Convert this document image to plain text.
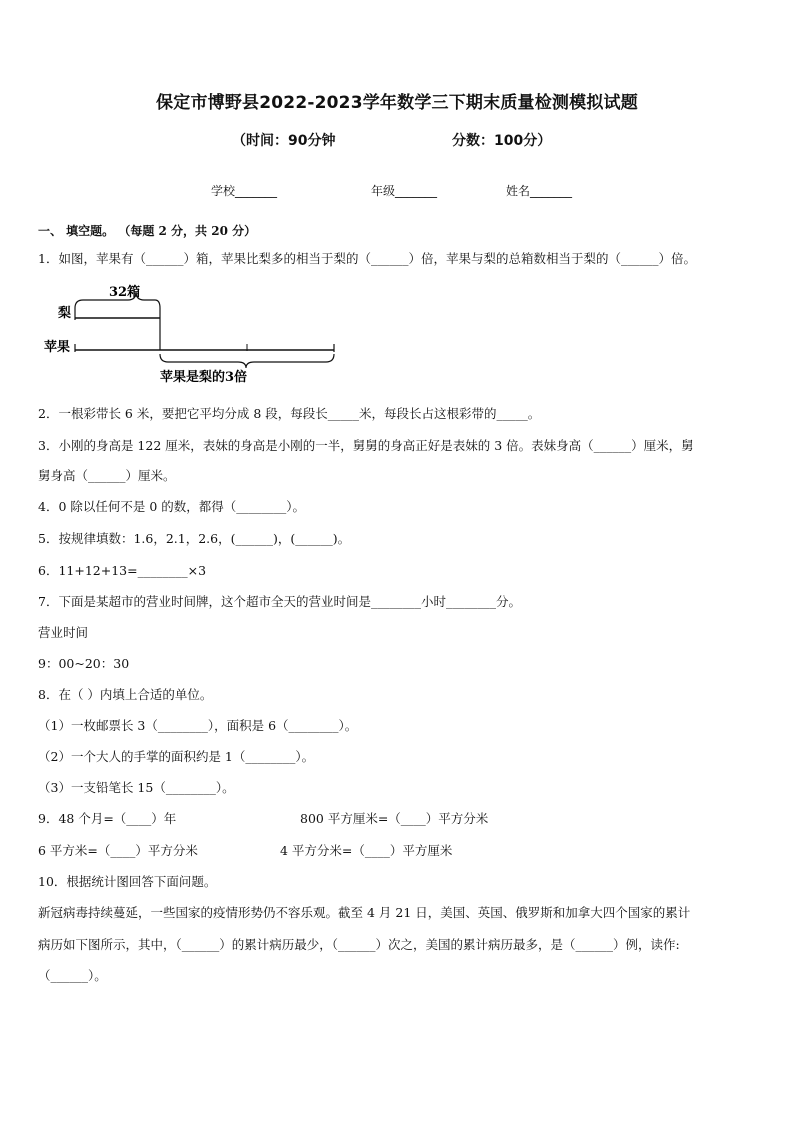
保定市博野县2022-2023学年数学三下期末质量检测模拟试题
（时间：90分钟	分数：100分）
学校_______	年级_______	姓名_______
一、 填空题。 （每题 2 分，共 20 分）
1．如图，苹果有（______）箱，苹果比梨多的相当于梨的（______）倍，苹果与梨的总箱数相当于梨的（______）倍。
32箱
梨
苹果
苹果是梨的3倍
2．一根彩带长 6 米，要把它平均分成 8 段，每段长_____米，每段长占这根彩带的_____。
3．小刚的身高是 122 厘米，表妹的身高是小刚的一半，舅舅的身高正好是表妹的 3 倍。表妹身高（______）厘米，舅
舅身高（______）厘米。
4．0 除以任何不是 0 的数，都得（________）。
5．按规律填数：1.6，2.1，2.6，(______)，(______)。
6．11+12+13=________×3
7．下面是某超市的营业时间牌，这个超市全天的营业时间是________小时________分。
营业时间
9：00~20：30
8．在（ ）内填上合适的单位。
（1）一枚邮票长 3（________），面积是 6（________）。
（2）一个大人的手掌的面积约是 1（________）。
（3）一支铅笔长 15（________）。
9．48 个月=（____）年	800 平方厘米=（____）平方分米
6 平方米=（____）平方分米	4 平方分米=（____）平方厘米
10．根据统计图回答下面问题。
新冠病毒持续蔓延，一些国家的疫情形势仍不容乐观。截至 4 月 21 日，美国、英国、俄罗斯和加拿大四个国家的累计
病历如下图所示，其中，（______）的累计病历最少，（______）次之，美国的累计病历最多，是（______）例，读作:
（______）。
